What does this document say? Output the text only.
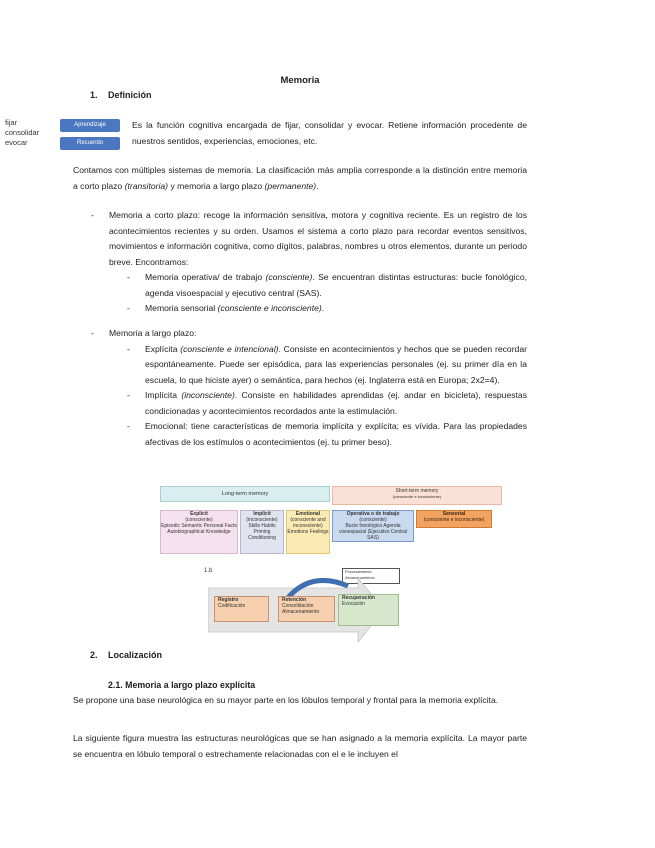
Memoria
1. Definición
fijar
consolidar
evocar
Aprendizaje
Recuerdo
Es la función cognitiva encargada de fijar, consolidar y evocar. Retiene información procedente de nuestros sentidos, experiencias, emociones, etc.
Contamos con múltiples sistemas de memoria. La clasificación más amplia corresponde a la distinción entre memoria a corto plazo (transitoria) y memoria a largo plazo (permanente).
- Memoria a corto plazo: recoge la información sensitiva, motora y cognitiva reciente. Es un registro de los acontecimientos recientes y su orden. Usamos el sistema a corto plazo para recordar eventos sensitivos, movimientos e información cognitiva, como dígitos, palabras, nombres u otros elementos, durante un periodo breve. Encontramos:
- Memoria operativa/ de trabajo (consciente). Se encuentran distintas estructuras: bucle fonológico, agenda visoespacial y ejecutivo central (SAS).
- Memoria sensorial (consciente e inconsciente).
- Memoria a largo plazo:
- Explícita (consciente e intencional). Consiste en acontecimientos y hechos que se pueden recordar espontáneamente. Puede ser episódica, para las experiencias personales (ej. su primer día en la escuela, lo que hiciste ayer) o semántica, para hechos (ej. Inglaterra está en Europa; 2x2=4).
- Implícita (inconsciente). Consiste en habilidades aprendidas (ej. andar en bicicleta), respuestas condicionadas y acontecimientos recordados ante la estimulación.
- Emocional: tiene características de memoria implícita y explícita; es vívida. Para las propiedades afectivas de los estímulos o acontecimientos (ej. tu primer beso).
Long-term memory	Short-term memory
(consciente e inconsciente)
Explicit
(consciente)
Episodic Semantic Personal Facts Autobiographical Knowledge
Implicit
(inconsciente)
Skills Habits Priming Conditioning
Emotional
(consciente and inconsciente)
Emotions Feelings
Operativa o de trabajo
(consciente)
Bucle fonológico Agenda visoespacial (Ejecutivo Central SAS)
Sensorial
(consciente e inconsciente)
1.b	Procesamiento
Almacenamiento
Registro
Codificación
Retención
Consolidación Almacenamiento
Recuperación
Evocación
2. Localización
2.1. Memoria a largo plazo explícita
Se propone una base neurológica en su mayor parte en los lóbulos temporal y frontal para la memoria explícita.
La siguiente figura muestra las estructuras neurológicas que se han asignado a la memoria explícita. La mayor parte se encuentra en lóbulo temporal o estrechamente relacionadas con el e le incluyen el
